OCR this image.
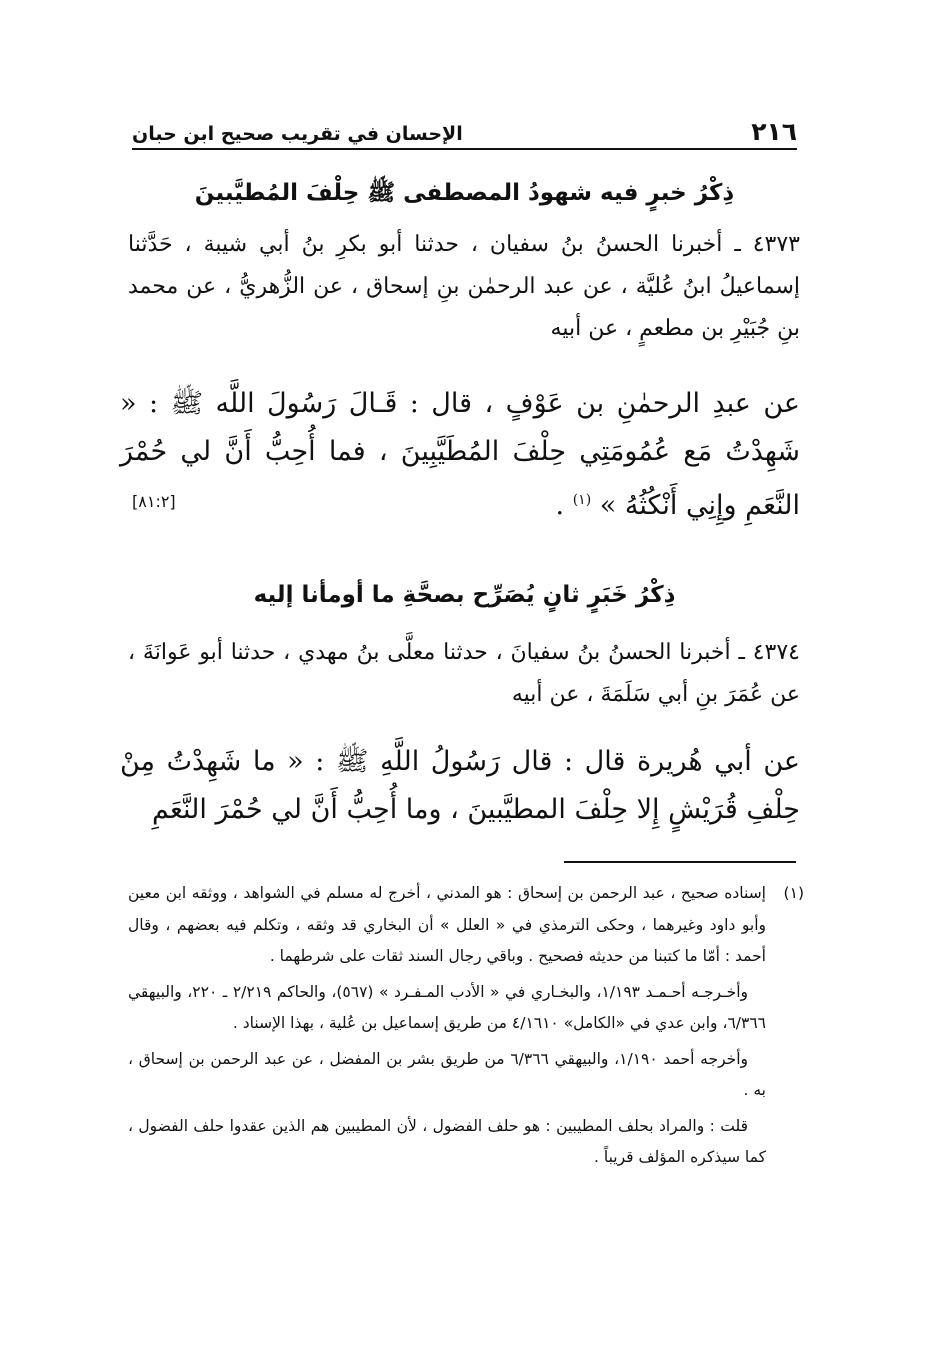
٢١٦
الإحسان في تقريب صحيح ابن حبان
ذِكْرُ خبرٍ فيه شهودُ المصطفى ﷺ حِلْفَ المُطيَّبينَ

٤٣٧٣ ـ أخبرنا الحسنُ بنُ سفيان ، حدثنا أبو بكرِ بنُ أبي شيبة ، حَدَّثنا إسماعيلُ ابنُ عُليَّة ، عن عبد الرحمٰن بنِ إسحاق ، عن الزُّهريُّ ، عن محمد بنِ جُبَيْرِ بن مطعمٍ ، عن أبيه

عن عبدِ الرحمٰنِ بن عَوْفٍ ، قال : قَـالَ رَسُولَ اللَّه ﷺ : « شَهِدْتُ مَع عُمُومَتِي حِلْفَ المُطَيَّبِينَ ، فما أُحِبُّ أَنَّ لي حُمْرَ النَّعَمِ وإِنِي أَنْكُثُهُ » $^{(١)}$ .

[٨١:٢]
ذِكْرُ خَبَرٍ ثانٍ يُصَرِّح بصحَّةِ ما أومأنا إليه

٤٣٧٤ ـ أخبرنا الحسنُ بنُ سفيانَ ، حدثنا معلَّى بنُ مهدي ، حدثنا أبو عَوانَةَ ، عن عُمَرَ بنِ أبي سَلَمَةَ ، عن أبيه

عن أبي هُريرة قال : قال رَسُولُ اللَّهِ ﷺ : « ما شَهِدْتُ مِنْ حِلْفِ قُرَيْشٍ إِلا حِلْفَ المطيَّبينَ ، وما أُحِبُّ أَنَّ لي حُمْرَ النَّعَمِ

(١)إسناده صحيح ، عبد الرحمن بن إسحاق : هو المدني ، أخرج له مسلم في الشواهد ، ووثقه ابن معين وأبو داود وغيرهما ، وحكى الترمذي في « العلل » أن البخاري قد وثقه ، وتكلم فيه بعضهم ، وقال أحمد : أمّا ما كتبنا من حديثه فصحيح . وباقي رجال السند ثقات على شرطهما .

وأخـرجـه أحـمـد ١/١٩٣، والبخـاري في « الأدب المـفـرد » (٥٦٧)، والحاكم ٢/٢١٩ ـ ٢٢٠، والبيهقي ٦/٣٦٦، وابن عدي في «الكامل» ٤/١٦١٠ من طريق إسماعيل بن عُلية ، بهذا الإسناد .

وأخرجه أحمد ١/١٩٠، والبيهقي ٦/٣٦٦ من طريق بشر بن المفضل ، عن عبد الرحمن بن إسحاق ، به .

قلت : والمراد بحلف المطيبين : هو حلف الفضول ، لأن المطيبين هم الذين عقدوا حلف الفضول ، كما سيذكره المؤلف قريباً .
